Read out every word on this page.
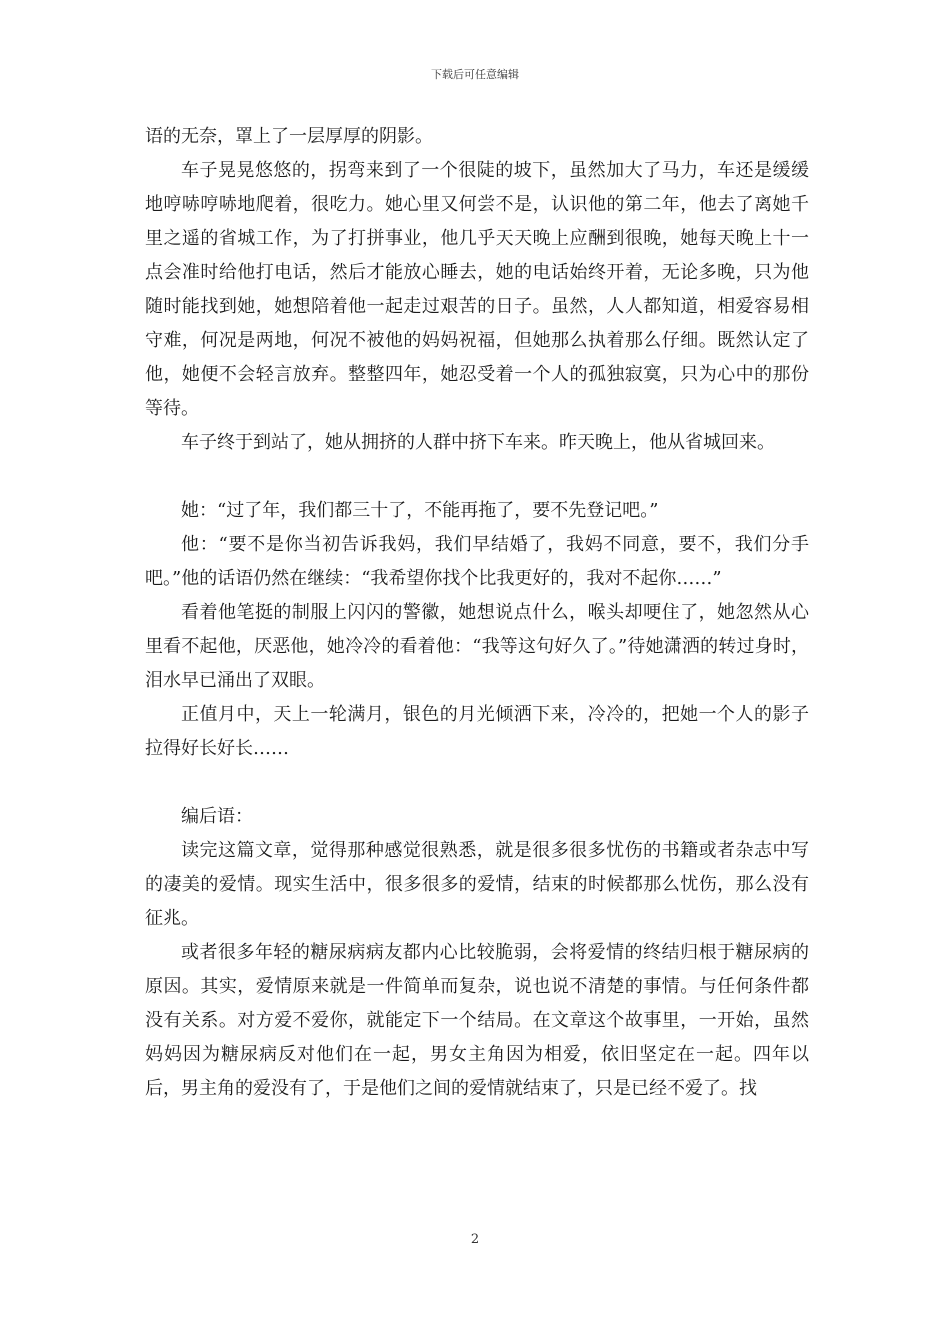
下载后可任意编辑

语的无奈，罩上了一层厚厚的阴影。

车子晃晃悠悠的，拐弯来到了一个很陡的坡下，虽然加大了马力，车还是缓缓地哼哧哼哧地爬着，很吃力。她心里又何尝不是，认识他的第二年，他去了离她千里之遥的省城工作，为了打拼事业，他几乎天天晚上应酬到很晚，她每天晚上十一点会准时给他打电话，然后才能放心睡去，她的电话始终开着，无论多晚，只为他随时能找到她，她想陪着他一起走过艰苦的日子。虽然，人人都知道，相爱容易相守难，何况是两地，何况不被他的妈妈祝福，但她那么执着那么仔细。既然认定了他，她便不会轻言放弃。整整四年，她忍受着一个人的孤独寂寞，只为心中的那份等待。

车子终于到站了，她从拥挤的人群中挤下车来。昨天晚上，他从省城回来。

她：“过了年，我们都三十了，不能再拖了，要不先登记吧。”

他：“要不是你当初告诉我妈，我们早结婚了，我妈不同意，要不，我们分手吧。”他的话语仍然在继续：“我希望你找个比我更好的，我对不起你……”

看着他笔挺的制服上闪闪的警徽，她想说点什么，喉头却哽住了，她忽然从心里看不起他，厌恶他，她冷冷的看着他：“我等这句好久了。”待她潇洒的转过身时，泪水早已涌出了双眼。

正值月中，天上一轮满月，银色的月光倾洒下来，冷冷的，把她一个人的影子拉得好长好长……

编后语：

读完这篇文章，觉得那种感觉很熟悉，就是很多很多忧伤的书籍或者杂志中写的凄美的爱情。现实生活中，很多很多的爱情，结束的时候都那么忧伤，那么没有征兆。

或者很多年轻的糖尿病病友都内心比较脆弱，会将爱情的终结归根于糖尿病的原因。其实，爱情原来就是一件简单而复杂，说也说不清楚的事情。与任何条件都没有关系。对方爱不爱你，就能定下一个结局。在文章这个故事里，一开始，虽然妈妈因为糖尿病反对他们在一起，男女主角因为相爱，依旧坚定在一起。四年以后，男主角的爱没有了，于是他们之间的爱情就结束了，只是已经不爱了。找

2
